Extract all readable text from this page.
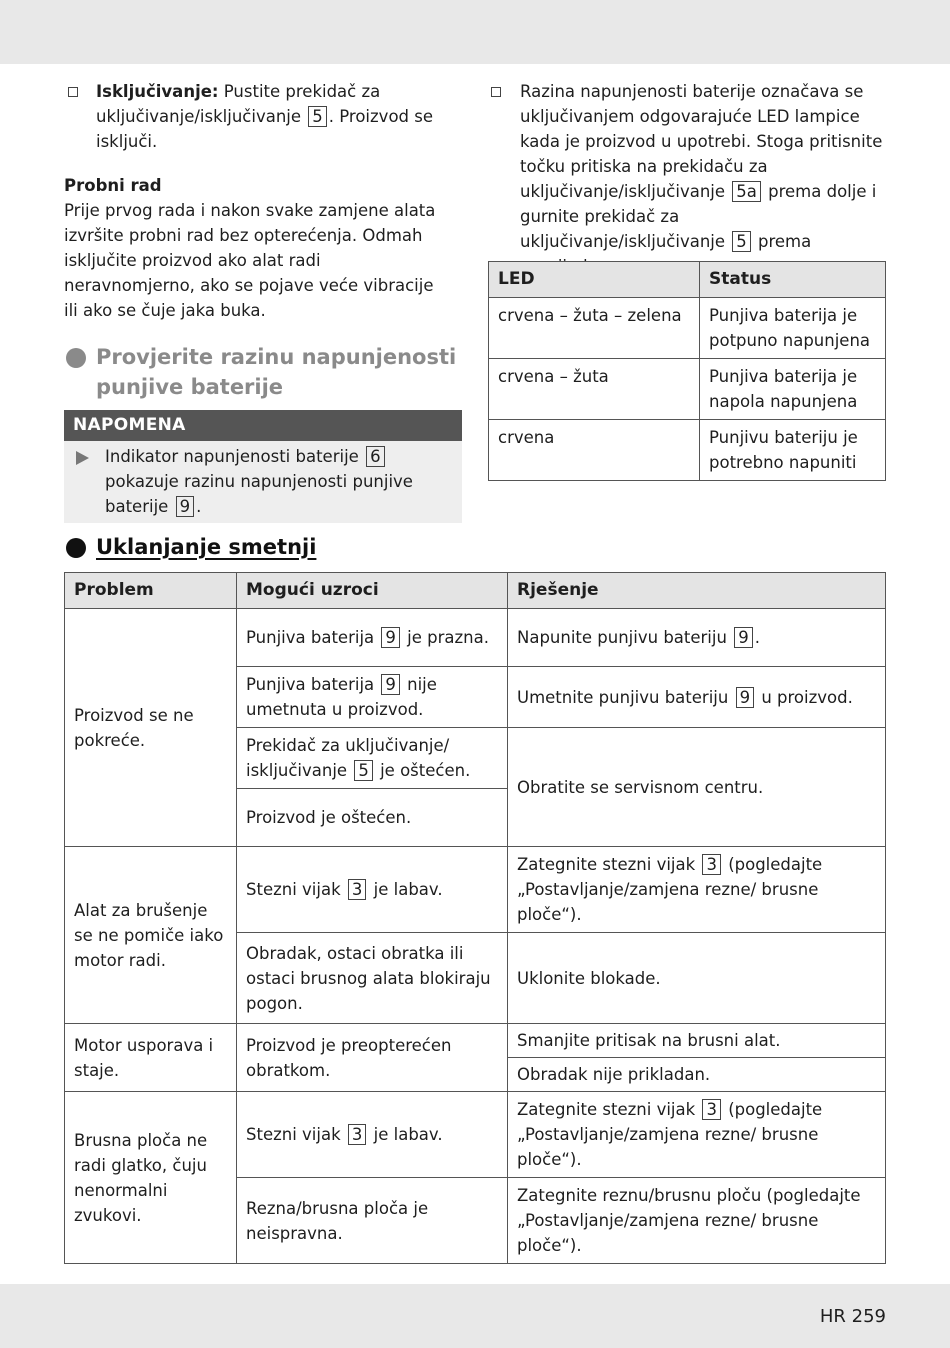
Isključivanje: Pustite prekidač za uključivanje/isključivanje 5 . Proizvod se isključi.
Probni rad
Prije prvog rada i nakon svake zamjene alata izvršite probni rad bez opterećenja. Odmah isključite proizvod ako alat radi neravnomjerno, ako se pojave veće vibracije ili ako se čuje jaka buka.
Provjerite razinu napunjenosti punjive baterije
NAPOMENA
Indikator napunjenosti baterije 6 pokazuje razinu napunjenosti punjive baterije 9 .
Razina napunjenosti baterije označava se uključivanjem odgovarajuće LED lampice kada je proizvod u upotrebi. Stoga pritisnite točku pritiska na prekidaču za uključivanje/isključivanje 5a prema dolje i gurnite prekidač za uključivanje/isključivanje 5 prema
LED	Status
crvena – žuta – zelena	Punjiva baterija je potpuno napunjena
crvena – žuta	Punjiva baterija je napola napunjena
crvena	Punjivu bateriju je potrebno napuniti
Uklanjanje smetnji
Problem	Mogući uzroci	Rješenje
Proizvod se ne pokreće.	Punjiva baterija 9 je prazna.	Napunite punjivu bateriju 9 .
	Punjiva baterija 9 nije umetnuta u proizvod.	Umetnite punjivu bateriju 9 u proizvod.
	Prekidač za uključivanje/ isključivanje 5 je oštećen.	Obratite se servisnom centru.
	Proizvod je oštećen.	
Alat za brušenje se ne pomiče iako motor radi.	Stezni vijak 3 je labav.	Zategnite stezni vijak 3 (pogledajte „Postavljanje/zamjena rezne/ brusne ploče“).
	Obradak, ostaci obratka ili ostaci brusnog alata blokiraju pogon.	Uklonite blokade.
Motor usporava i staje.	Proizvod je preopterećen obratkom.	Smanjite pritisak na brusni alat.
		Obradak nije prikladan.
Brusna ploča ne radi glatko, čuju nenormalni zvukovi.	Stezni vijak 3 je labav.	Zategnite stezni vijak 3 (pogledajte „Postavljanje/zamjena rezne/ brusne ploče“).
	Rezna/brusna ploča je neispravna.	Zategnite reznu/brusnu ploču (pogledajte „Postavljanje/zamjena rezne/ brusne ploče“).
HR 259
